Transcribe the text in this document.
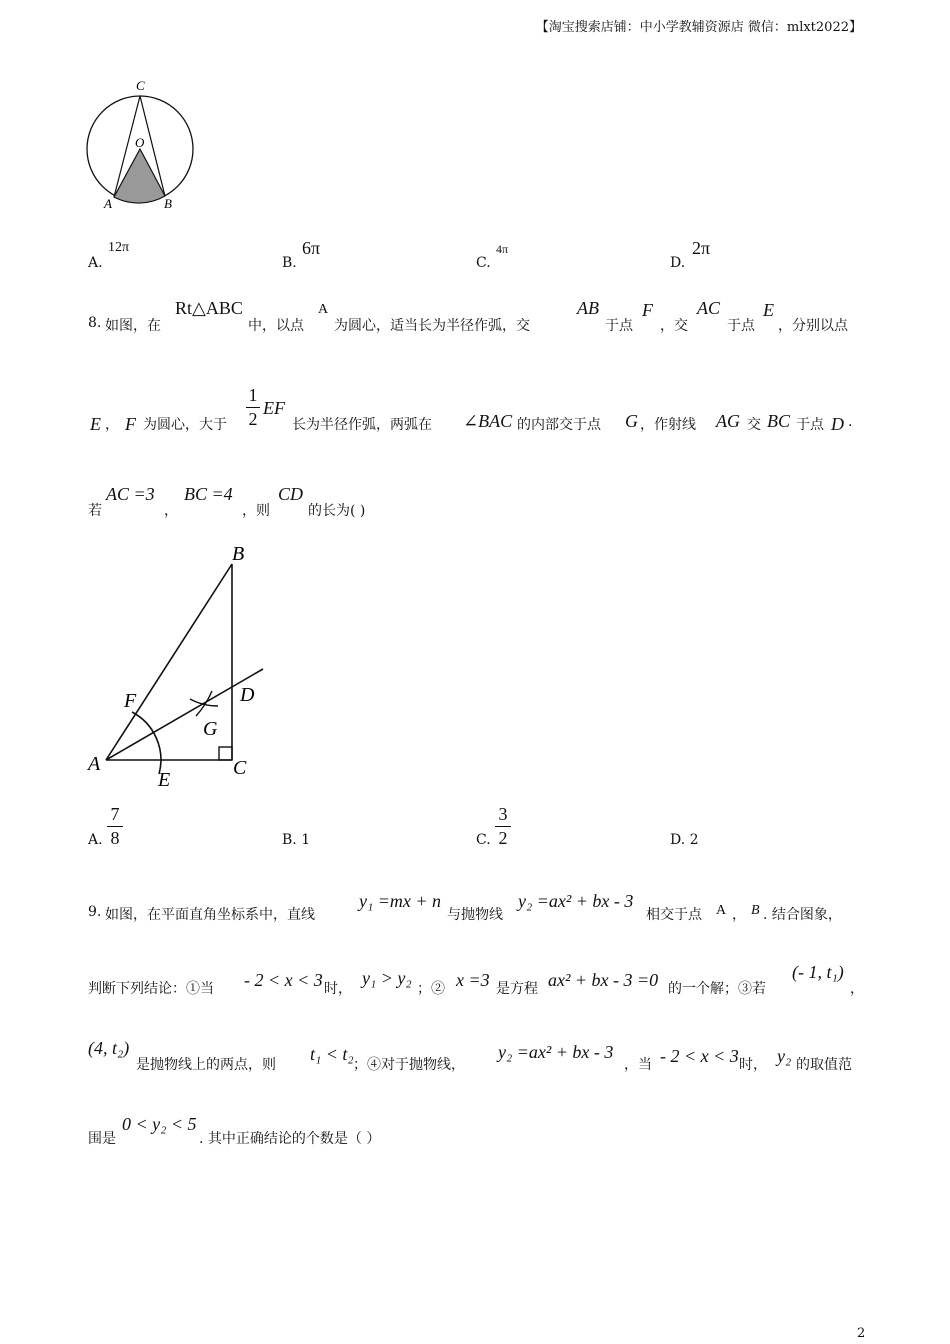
【淘宝搜索店铺：中小学教辅资源店 微信：mlxt2022】
C
O
A	B
A.
12π
B.
6π
C.
4π
D.
2π
8. 如图，在
Rt△ABC
中，以点
A
为圆心，适当长为半径作弧，交
AB
于点
F
，交
AC
于点
E
，分别以点
E ， F 为圆心，大于
1
2
EF
长为半径作弧，两弧在 ∠BAC 的内部交于点 G ，作射线 AG 交 BC 于点 D .
若
AC =3
，
BC =4
，则
CD
的长为( )
B
F	D
G
A	C
E
A.
7
8	B. 1	C.
3
2	D. 2
9. 如图，在平面直角坐标系中，直线
y₁ =mx + n
与抛物线
y₂ =ax² + bx - 3
相交于点 A ， B . 结合图象，
判断下列结论：①当 - 2 < x < 3 时，
y₁ > y₂
；② x =3 是方程 ax² + bx - 3 =0 的一个解；③若
(- 1, t₁)
，
(4, t₂)
是抛物线上的两点，则
t₁ < t₂
；④对于抛物线，
y₂ =ax² + bx - 3
，当 - 2 < x < 3 时， y₂ 的取值范
围是
0 < y₂ < 5
. 其中正确结论的个数是（ ）
2
